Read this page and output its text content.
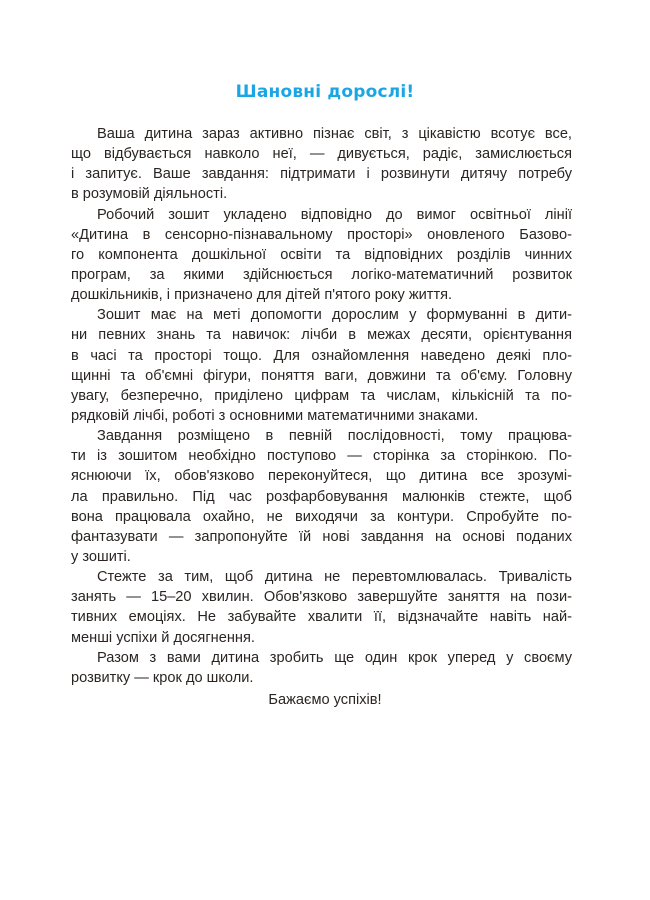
Шановні дорослі!
Ваша дитина зараз активно пізнає світ, з цікавістю всотує все,
що відбувається навколо неї, — дивується, радіє, замислюється
і запитує. Ваше завдання: підтримати і розвинути дитячу потребу
в розумовій діяльності.
Робочий зошит укладено відповідно до вимог освітньої лінії
«Дитина в сенсорно-пізнавальному просторі» оновленого Базово-
го компонента дошкільної освіти та відповідних розділів чинних
програм, за якими здійснюється логіко-математичний розвиток
дошкільників, і призначено для дітей п'ятого року життя.
Зошит має на меті допомогти дорослим у формуванні в дити-
ни певних знань та навичок: лічби в межах десяти, орієнтування
в часі та просторі тощо. Для ознайомлення наведено деякі пло-
щинні та об'ємні фігури, поняття ваги, довжини та об'єму. Головну
увагу, безперечно, приділено цифрам та числам, кількісній та по-
рядковій лічбі, роботі з основними математичними знаками.
Завдання розміщено в певній послідовності, тому працюва-
ти із зошитом необхідно поступово — сторінка за сторінкою. По-
яснюючи їх, обов'язково переконуйтеся, що дитина все зрозумі-
ла правильно. Під час розфарбовування малюнків стежте, щоб
вона працювала охайно, не виходячи за контури. Спробуйте по-
фантазувати — запропонуйте їй нові завдання на основі поданих
у зошиті.
Стежте за тим, щоб дитина не перевтомлювалась. Тривалість
занять — 15–20 хвилин. Обов'язково завершуйте заняття на пози-
тивних емоціях. Не забувайте хвалити її, відзначайте навіть най-
менші успіхи й досягнення.
Разом з вами дитина зробить ще один крок уперед у своєму
розвитку — крок до школи.
Бажаємо успіхів!
